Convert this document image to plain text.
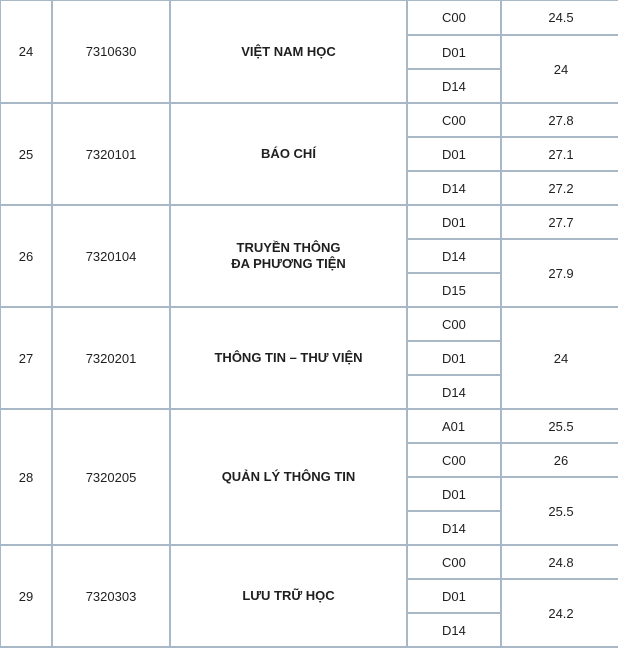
24	7310630	VIỆT NAM HỌC	C00	24.5
			D01	24
			D14	
25	7320101	BÁO CHÍ	C00	27.8
			D01	27.1
			D14	27.2
26	7320104	TRUYỀN THÔNG
ĐA PHƯƠNG TIỆN	D01	27.7
			D14	27.9
			D15	
27	7320201	THÔNG TIN – THƯ VIỆN	C00	24
			D01	
			D14	
28	7320205	QUẢN LÝ THÔNG TIN	A01	25.5
			C00	26
			D01	25.5
			D14	
29	7320303	LƯU TRỮ HỌC	C00	24.8
			D01	24.2
			D14	
